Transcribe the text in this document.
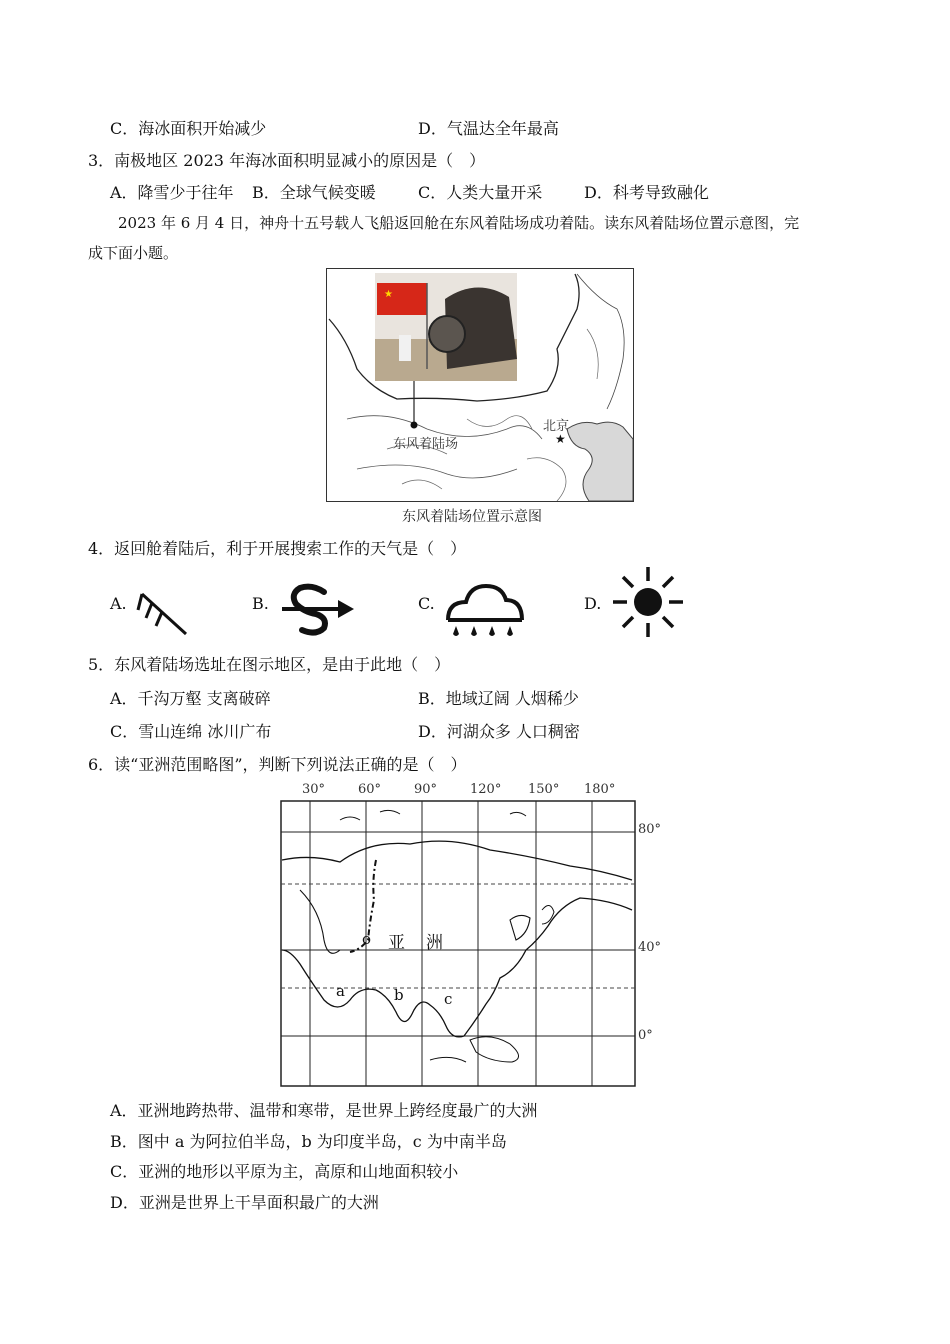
C．海冰面积开始减少	D．气温达全年最高
3．南极地区 2023 年海冰面积明显减小的原因是（　）
A．降雪少于往年 B．全球气候变暖	C．人类大量开采	D．科考导致融化
2023 年 6 月 4 日，神舟十五号载人飞船返回舱在东风着陆场成功着陆。读东风着陆场位置示意图，完
成下面小题。
★
★
东风着陆场
北京
东风着陆场位置示意图
4．返回舱着陆后，利于开展搜索工作的天气是（　）
A.	B.	C.	D.
5．东风着陆场选址在图示地区，是由于此地（　）
A．千沟万壑 支离破碎	B．地域辽阔 人烟稀少
C．雪山连绵 冰川广布	D．河湖众多 人口稠密
6．读“亚洲范围略图”，判断下列说法正确的是（　）
30°	60°	90°	120° 150° 180°
80°
40°
0°
a	b	c
o 亚　洲
A．亚洲地跨热带、温带和寒带，是世界上跨经度最广的大洲
B．图中 a 为阿拉伯半岛，b 为印度半岛，c 为中南半岛
C．亚洲的地形以平原为主，高原和山地面积较小
D．亚洲是世界上干旱面积最广的大洲
